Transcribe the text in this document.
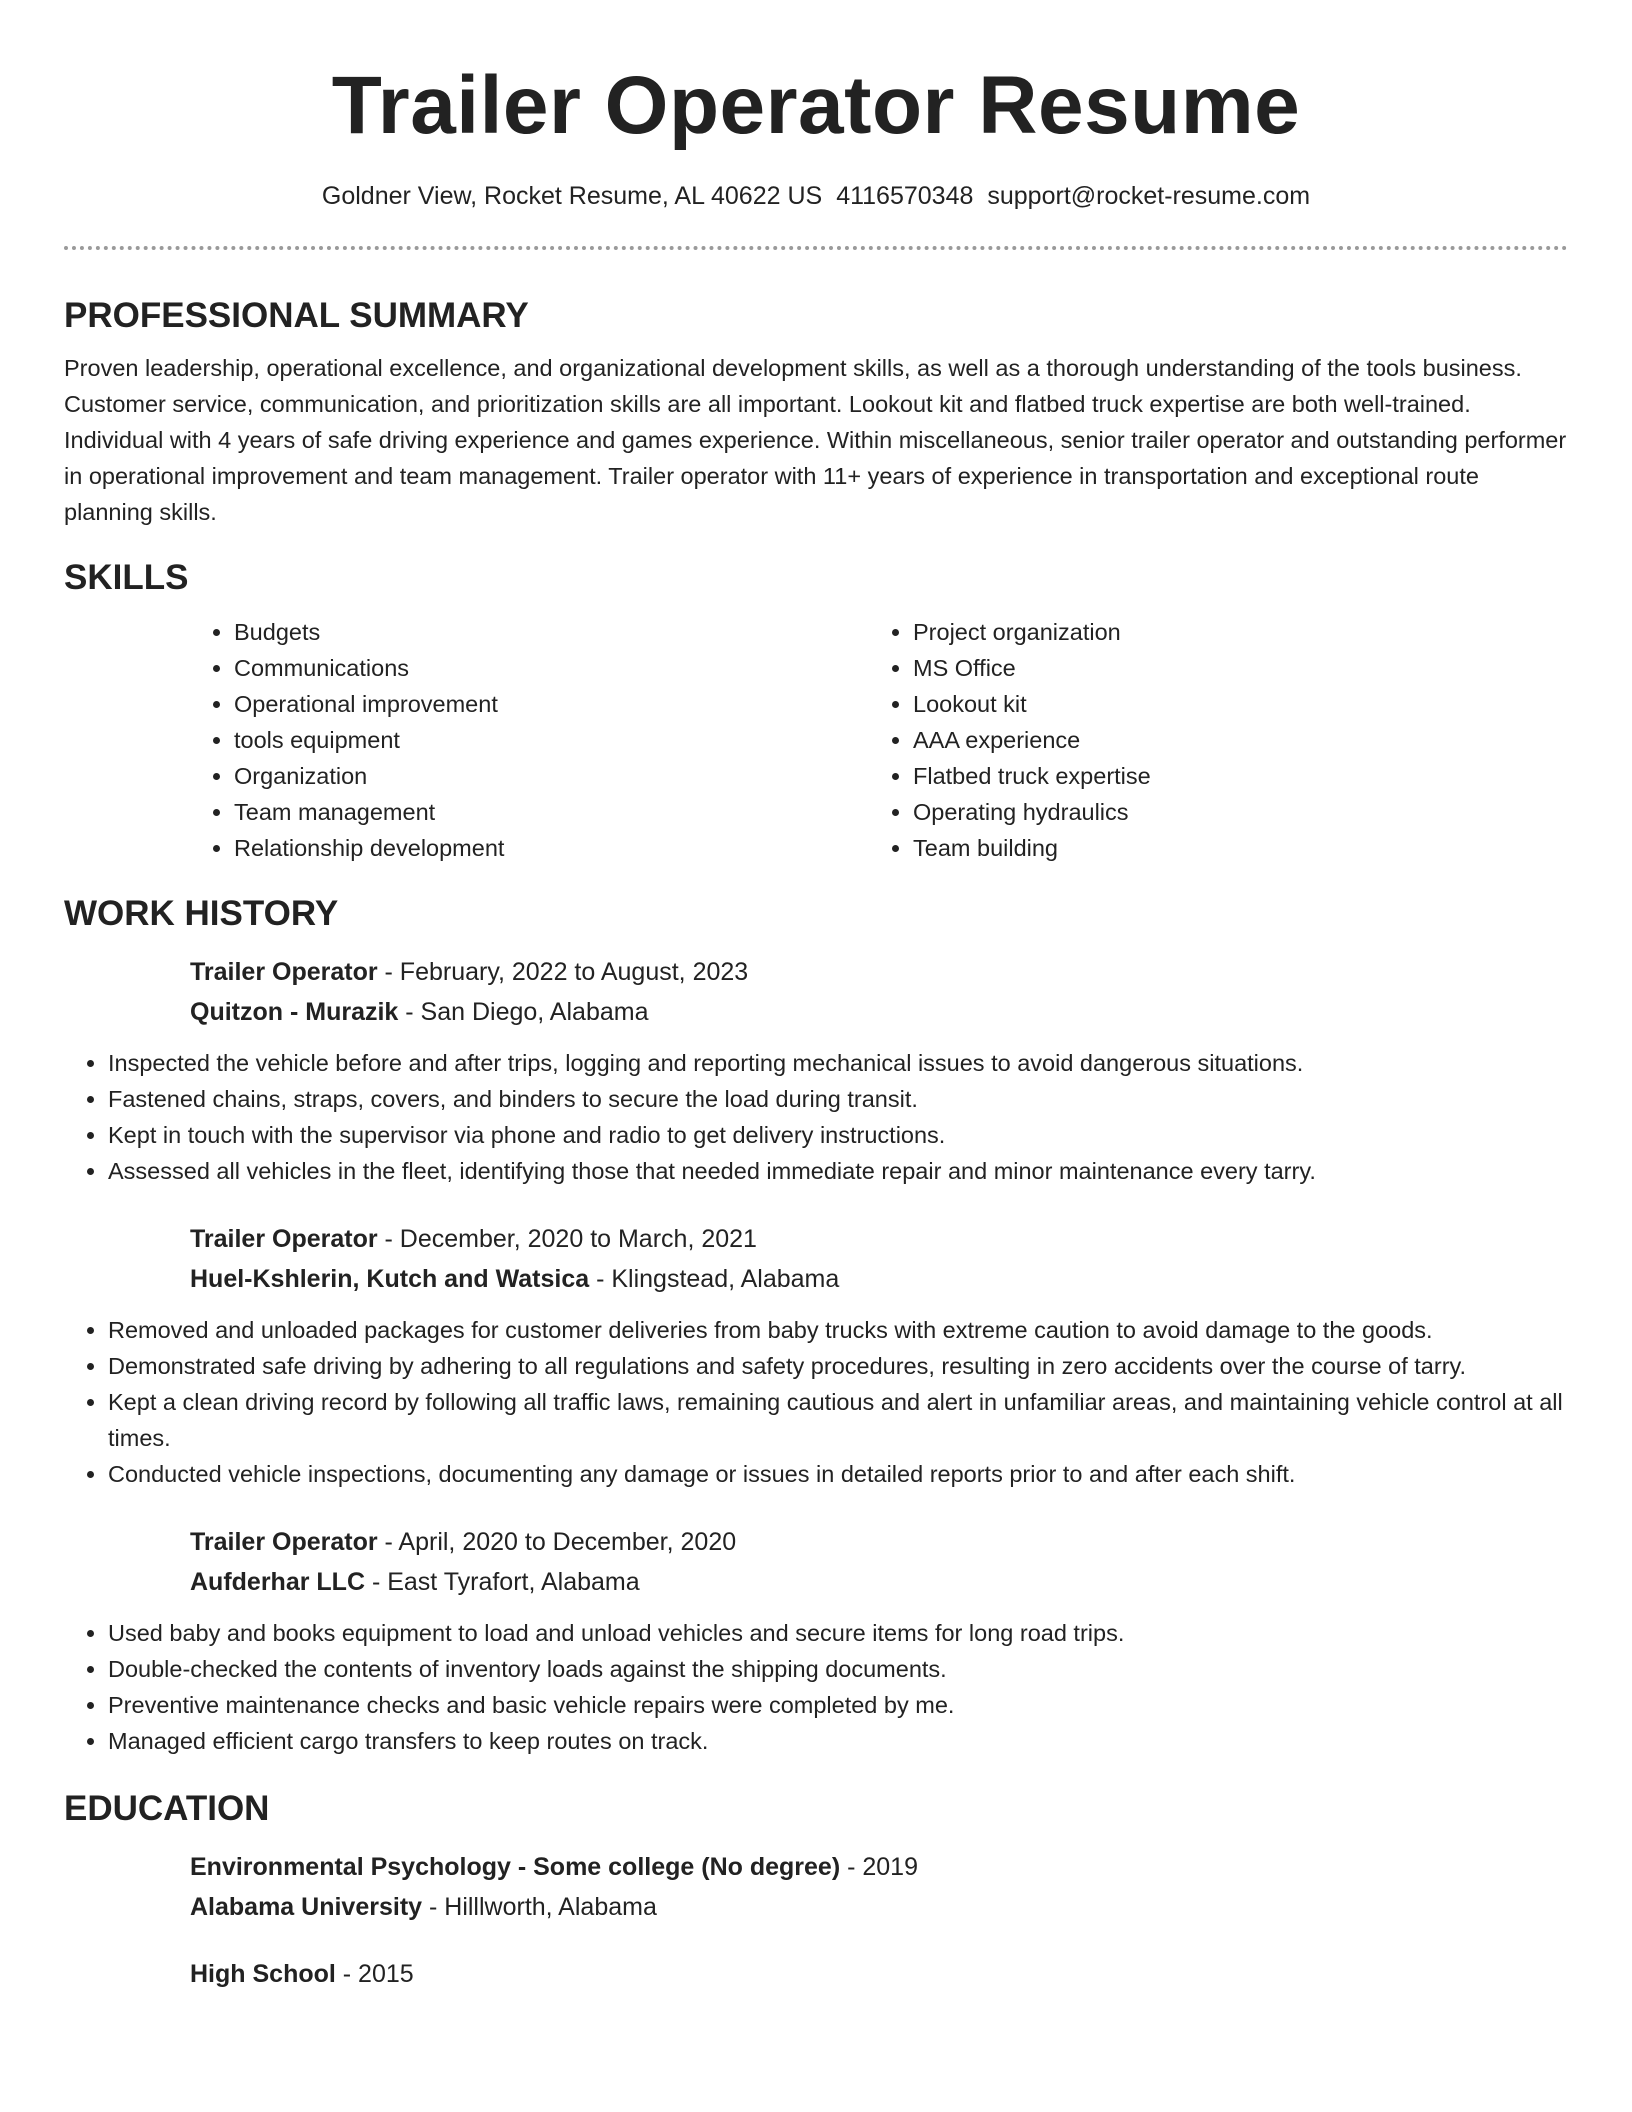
Trailer Operator Resume
Goldner View, Rocket Resume, AL 40622 US 4116570348 support@rocket-resume.com
PROFESSIONAL SUMMARY

Proven leadership, operational excellence, and organizational development skills, as well as a thorough understanding of the tools business. Customer service, communication, and prioritization skills are all important. Lookout kit and flatbed truck expertise are both well-trained. Individual with 4 years of safe driving experience and games experience. Within miscellaneous, senior trailer operator and outstanding performer in operational improvement and team management. Trailer operator with 11+ years of experience in transportation and exceptional route planning skills.

SKILLS
• Budgets
• Communications
• Operational improvement
• tools equipment
• Organization
• Team management
• Relationship development
• Project organization
• MS Office
• Lookout kit
• AAA experience
• Flatbed truck expertise
• Operating hydraulics
• Team building
WORK HISTORY

Trailer Operator - February, 2022 to August, 2023

Quitzon - Murazik - San Diego, Alabama

• Inspected the vehicle before and after trips, logging and reporting mechanical issues to avoid dangerous situations.
• Fastened chains, straps, covers, and binders to secure the load during transit.
• Kept in touch with the supervisor via phone and radio to get delivery instructions.
• Assessed all vehicles in the fleet, identifying those that needed immediate repair and minor maintenance every tarry.

Trailer Operator - December, 2020 to March, 2021

Huel-Kshlerin, Kutch and Watsica - Klingstead, Alabama

• Removed and unloaded packages for customer deliveries from baby trucks with extreme caution to avoid damage to the goods.
• Demonstrated safe driving by adhering to all regulations and safety procedures, resulting in zero accidents over the course of tarry.
• Kept a clean driving record by following all traffic laws, remaining cautious and alert in unfamiliar areas, and maintaining vehicle control at all times.
• Conducted vehicle inspections, documenting any damage or issues in detailed reports prior to and after each shift.

Trailer Operator - April, 2020 to December, 2020

Aufderhar LLC - East Tyrafort, Alabama

• Used baby and books equipment to load and unload vehicles and secure items for long road trips.
• Double-checked the contents of inventory loads against the shipping documents.
• Preventive maintenance checks and basic vehicle repairs were completed by me.
• Managed efficient cargo transfers to keep routes on track.
EDUCATION

Environmental Psychology - Some college (No degree) - 2019

Alabama University - Hilllworth, Alabama

High School - 2015
